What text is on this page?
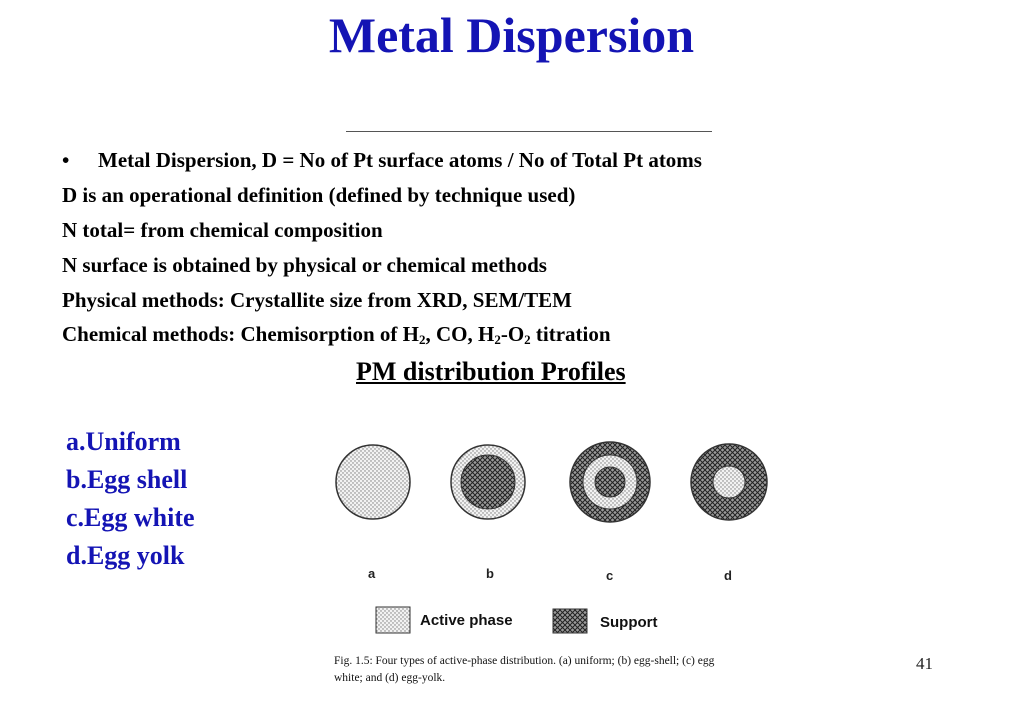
Metal Dispersion
• Metal Dispersion, D = No of Pt surface atoms / No of Total Pt atoms
D is an operational definition (defined by technique used)
N total= from chemical composition
N surface is obtained by physical or chemical methods
Physical methods: Crystallite size from XRD, SEM/TEM
Chemical methods: Chemisorption of $H_2$, CO, $H_2-O_2$ titration
PM distribution Profiles
a.Uniform
b.Egg shell
c.Egg white
d.Egg yolk
a	b	c	d
Active phase	Support
Fig. 1.5: Four types of active-phase distribution. (a) uniform; (b) egg-shell; (c) egg
white; and (d) egg-yolk.
41
